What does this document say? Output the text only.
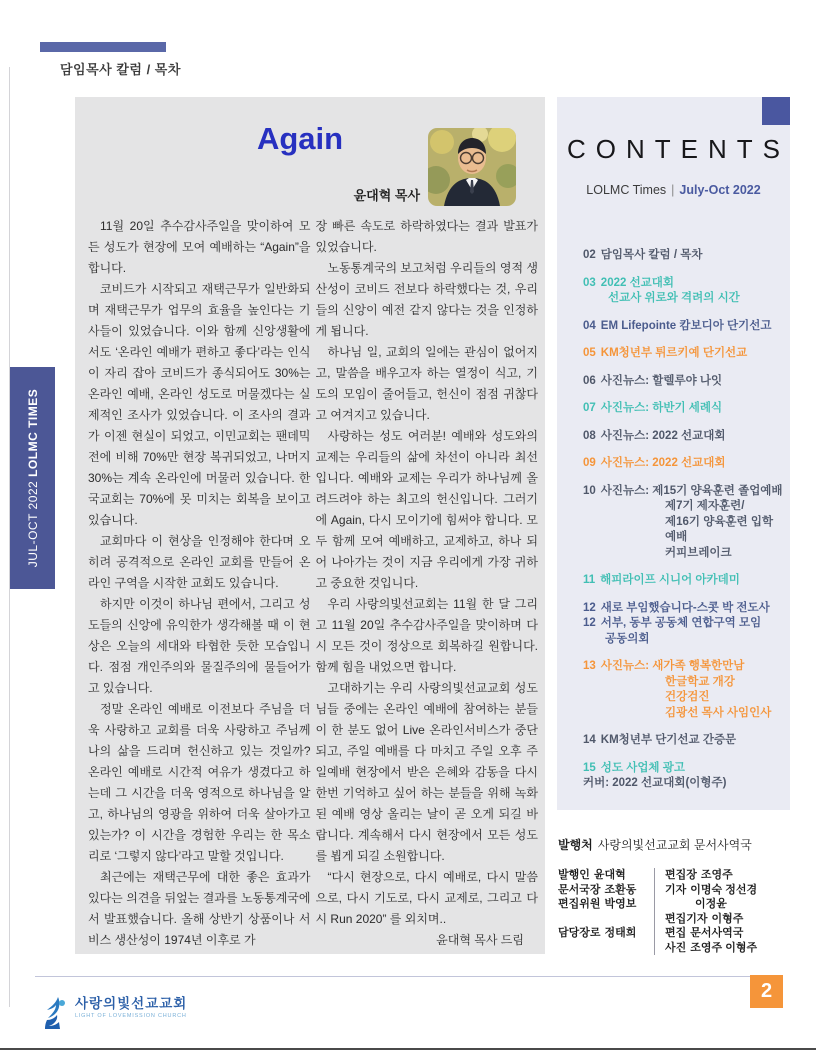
담임목사 칼럼 / 목차
JUL-OCT 2022 LOLMC TIMES
Again
윤대혁 목사

11월 20일 추수감사주일을 맞이하여 모든 성도가 현장에 모여 예배하는 “Again”을 합니다.

코비드가 시작되고 재택근무가 일반화되며 재택근무가 업무의 효율을 높인다는 기사들이 있었습니다. 이와 함께 신앙생활에서도 ‘온라인 예배가 편하고 좋다’라는 인식이 자리 잡아 코비드가 종식되어도 30%는 온라인 예배, 온라인 성도로 머물겠다는 실제적인 조사가 있었습니다. 이 조사의 결과가 이젠 현실이 되었고, 이민교회는 팬데믹 전에 비해 70%만 현장 복귀되었고, 나머지 30%는 계속 온라인에 머물러 있습니다. 한국교회는 70%에 못 미치는 회복을 보이고 있습니다.

교회마다 이 현상을 인정해야 한다며 오히려 공격적으로 온라인 교회를 만들어 온라인 구역을 시작한 교회도 있습니다.

하지만 이것이 하나님 편에서, 그리고 성도들의 신앙에 유익한가 생각해볼 때 이 현상은 오늘의 세대와 타협한 듯한 모습입니다. 점점 개인주의와 물질주의에 물들어가고 있습니다.

정말 온라인 예배로 이전보다 주님을 더욱 사랑하고 교회를 더욱 사랑하고 주님께 나의 삶을 드리며 헌신하고 있는 것일까? 온라인 예배로 시간적 여유가 생겼다고 하는데 그 시간을 더욱 영적으로 하나님을 알고, 하나님의 영광을 위하여 더욱 살아가고 있는가? 이 시간을 경험한 우리는 한 목소리로 ‘그렇지 않다’라고 말할 것입니다.

최근에는 재택근무에 대한 좋은 효과가 있다는 의견을 뒤엎는 결과를 노동통계국에서 발표했습니다. 올해 상반기 상품이나 서비스 생산성이 1974년 이후로 가

장 빠른 속도로 하락하였다는 결과 발표가 있었습니다.

노동통계국의 보고처럼 우리들의 영적 생산성이 코비드 전보다 하락했다는 것, 우리들의 신앙이 예전 같지 않다는 것을 인정하게 됩니다.

하나님 일, 교회의 일에는 관심이 없어지고, 말씀을 배우고자 하는 열정이 식고, 기도의 모임이 줄어들고, 헌신이 점점 귀찮다고 여겨지고 있습니다.

사랑하는 성도 여러분! 예배와 성도와의 교제는 우리들의 삶에 차선이 아니라 최선입니다. 예배와 교제는 우리가 하나님께 올려드려야 하는 최고의 헌신입니다. 그러기에 Again, 다시 모이기에 힘써야 합니다. 모두 함께 모여 예배하고, 교제하고, 하나 되어 나아가는 것이 지금 우리에게 가장 귀하고 중요한 것입니다.

우리 사랑의빛선교회는 11월 한 달 그리고 11월 20일 추수감사주일을 맞이하며 다시 모든 것이 정상으로 회복하길 원합니다. 함께 힘을 내었으면 합니다.

고대하기는 우리 사랑의빛선교교회 성도님들 중에는 온라인 예배에 참여하는 분들이 한 분도 없어 Live 온라인서비스가 중단되고, 주일 예배를 다 마치고 주일 오후 주일예배 현장에서 받은 은혜와 감동을 다시 한번 기억하고 싶어 하는 분들을 위해 녹화된 예배 영상 올리는 날이 곧 오게 되길 바랍니다. 계속해서 다시 현장에서 모든 성도를 뵙게 되길 소원합니다.

“다시 현장으로, 다시 예배로, 다시 말씀으로, 다시 기도로, 다시 교제로, 그리고 다시 Run 2020” 를 외치며..

윤대혁 목사 드림

CONTENTS
LOLMC Times | July-Oct 2022
02 담임목사 칼럼 / 목차
03 2022 선교대회
선교사 위로와 격려의 시간
04 EM Lifepointe 캄보디아 단기선고
05 KM청년부 튀르키예 단기선교
06 사진뉴스: 할렐루야 나잇
07 사진뉴스: 하반기 세례식
08 사진뉴스: 2022 선교대회
09 사진뉴스: 2022 선교대회
10 사진뉴스: 제15기 양육훈련 졸업예배
제7기 제자훈련/
제16기 양육훈련 입학예배
커피브레이크
11 해피라이프 시니어 아카데미
12 새로 부임했습니다-스콧 박 전도사
12 서부, 동부 공동체 연합구역 모임
공동의회
13 사진뉴스: 새가족 행복한만남
한글학교 개강
건강검진
김광선 목사 사임인사
14 KM청년부 단기선교 간증문
15 성도 사업체 광고
커버: 2022 선교대회(이형주)
발행처 사랑의빛선교교회 문서사역국
발행인 윤대혁
문서국장 조환동
편집위원 박영보
담당장로 정태희
편집장 조영주
기자 이명숙 정선경
이정윤
편집기자 이형주
편집 문서사역국
사진 조영주 이형주
사랑의빛선교교회
LIGHT OF LOVEMISSION CHURCH
2
